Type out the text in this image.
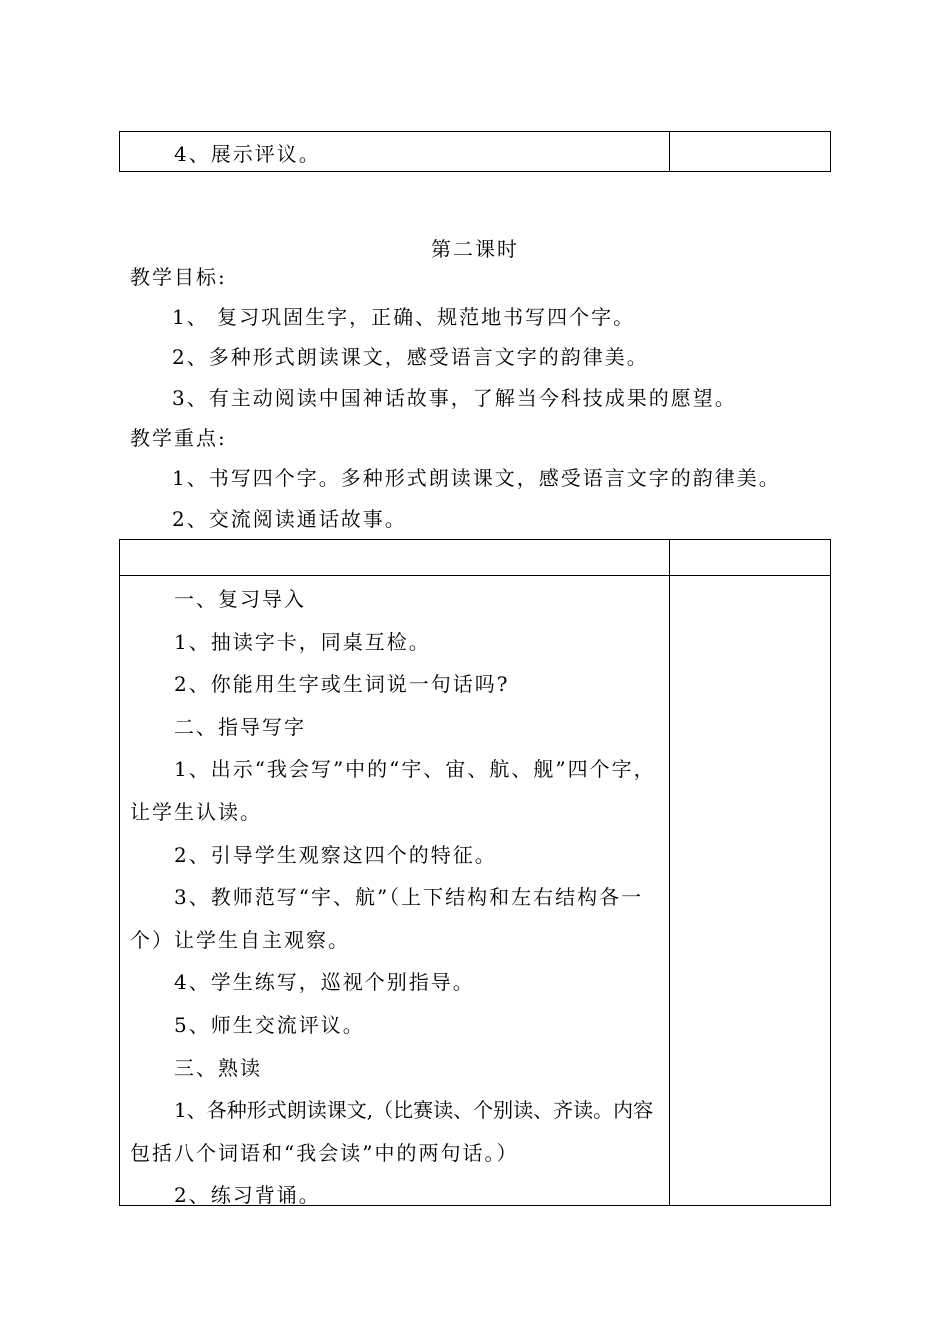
4、展示评议。
第二课时
教学目标:
1、 复习巩固生字，正确、规范地书写四个字。
2、多种形式朗读课文，感受语言文字的韵律美。
3、有主动阅读中国神话故事，了解当今科技成果的愿望。
教学重点:
1、书写四个字。多种形式朗读课文，感受语言文字的韵律美。
2、交流阅读通话故事。
一、复习导入
1、抽读字卡，同桌互检。
2、你能用生字或生词说一句话吗?
二、指导写字
1、出示“我会写”中的“宇、宙、航、舰”四个字，
让学生认读。
2、引导学生观察这四个的特征。
3、教师范写“宇、航”（上下结构和左右结构各一
个）让学生自主观察。
4、学生练写，巡视个别指导。
5、师生交流评议。
三、熟读
1、各种形式朗读课文,（比赛读、个别读、齐读。内容
包括八个词语和“我会读”中的两句话。）
2、练习背诵。
